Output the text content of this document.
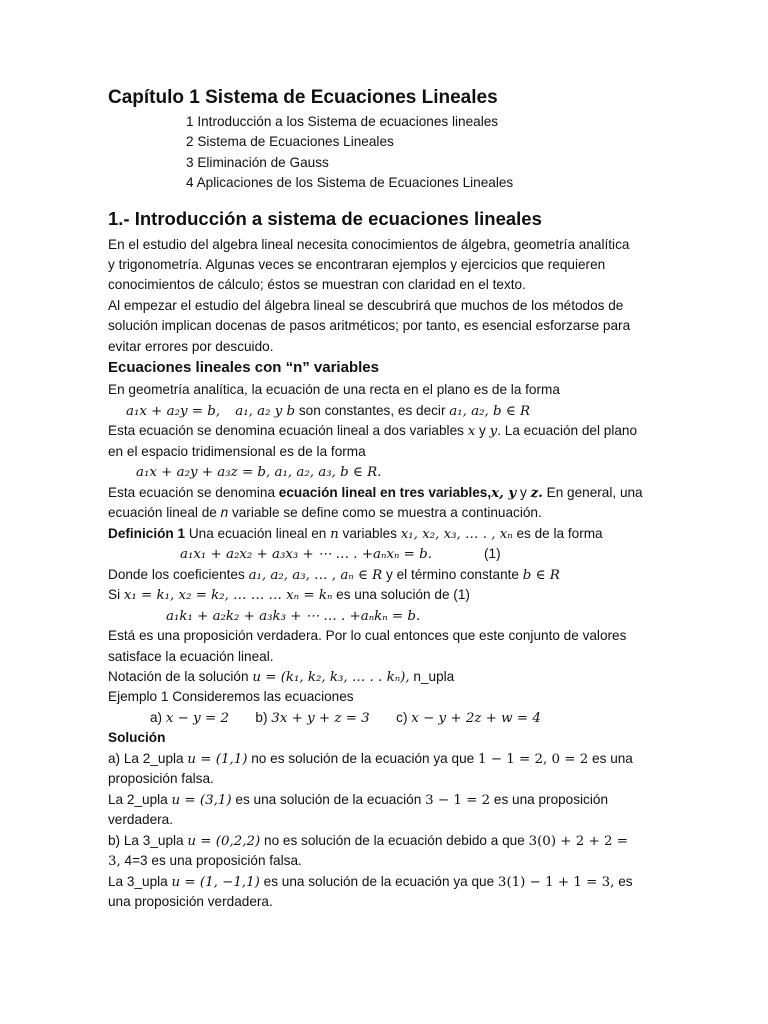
Capítulo 1 Sistema de Ecuaciones Lineales
1 Introducción a los Sistema de ecuaciones lineales
2 Sistema de Ecuaciones Lineales
3 Eliminación de Gauss
4 Aplicaciones de los Sistema de Ecuaciones Lineales
1.- Introducción a sistema de ecuaciones lineales
En el estudio del algebra lineal necesita conocimientos de álgebra, geometría analítica
y trigonometría. Algunas veces se encontraran ejemplos y ejercicios que requieren
conocimientos de cálculo; éstos se muestran con claridad en el texto.
Al empezar el estudio del álgebra lineal se descubrirá que muchos de los métodos de
solución implican docenas de pasos aritméticos; por tanto, es esencial esforzarse para
evitar errores por descuido.
Ecuaciones lineales con “n” variables
En geometría analítica, la ecuación de una recta en el plano es de la forma
a₁x + a₂y = b, a₁, a₂ y b son constantes, es decir a₁, a₂, b ∈ R
Esta ecuación se denomina ecuación lineal a dos variables x y y. La ecuación del plano
en el espacio tridimensional es de la forma
a₁x + a₂y + a₃z = b, a₁, a₂, a₃, b ∈ R.
Esta ecuación se denomina ecuación lineal en tres variables,x, y y z. En general, una
ecuación lineal de n variable se define como se muestra a continuación.
Definición 1 Una ecuación lineal en n variables x₁, x₂, x₃, … . , xₙ es de la forma
a₁x₁ + a₂x₂ + a₃x₃ + ⋯ … . +aₙxₙ = b.	(1)
Donde los coeficientes a₁, a₂, a₃, … , aₙ ∈ R y el término constante b ∈ R
Si x₁ = k₁, x₂ = k₂, … … … xₙ = kₙ es una solución de (1)
a₁k₁ + a₂k₂ + a₃k₃ + ⋯ … . +aₙkₙ = b.
Está es una proposición verdadera. Por lo cual entonces que este conjunto de valores
satisface la ecuación lineal.
Notación de la solución u = (k₁, k₂, k₃, … . . kₙ), n_upla
Ejemplo 1 Consideremos las ecuaciones
a) x − y = 2 b) 3x + y + z = 3 c) x − y + 2z + w = 4
Solución
a) La 2_upla u = (1,1) no es solución de la ecuación ya que 1 − 1 = 2, 0 = 2 es una
proposición falsa.
La 2_upla u = (3,1) es una solución de la ecuación 3 − 1 = 2 es una proposición
verdadera.
b) La 3_upla u = (0,2,2) no es solución de la ecuación debido a que 3(0) + 2 + 2 =
3, 4=3 es una proposición falsa.
La 3_upla u = (1, −1,1) es una solución de la ecuación ya que 3(1) − 1 + 1 = 3, es
una proposición verdadera.
